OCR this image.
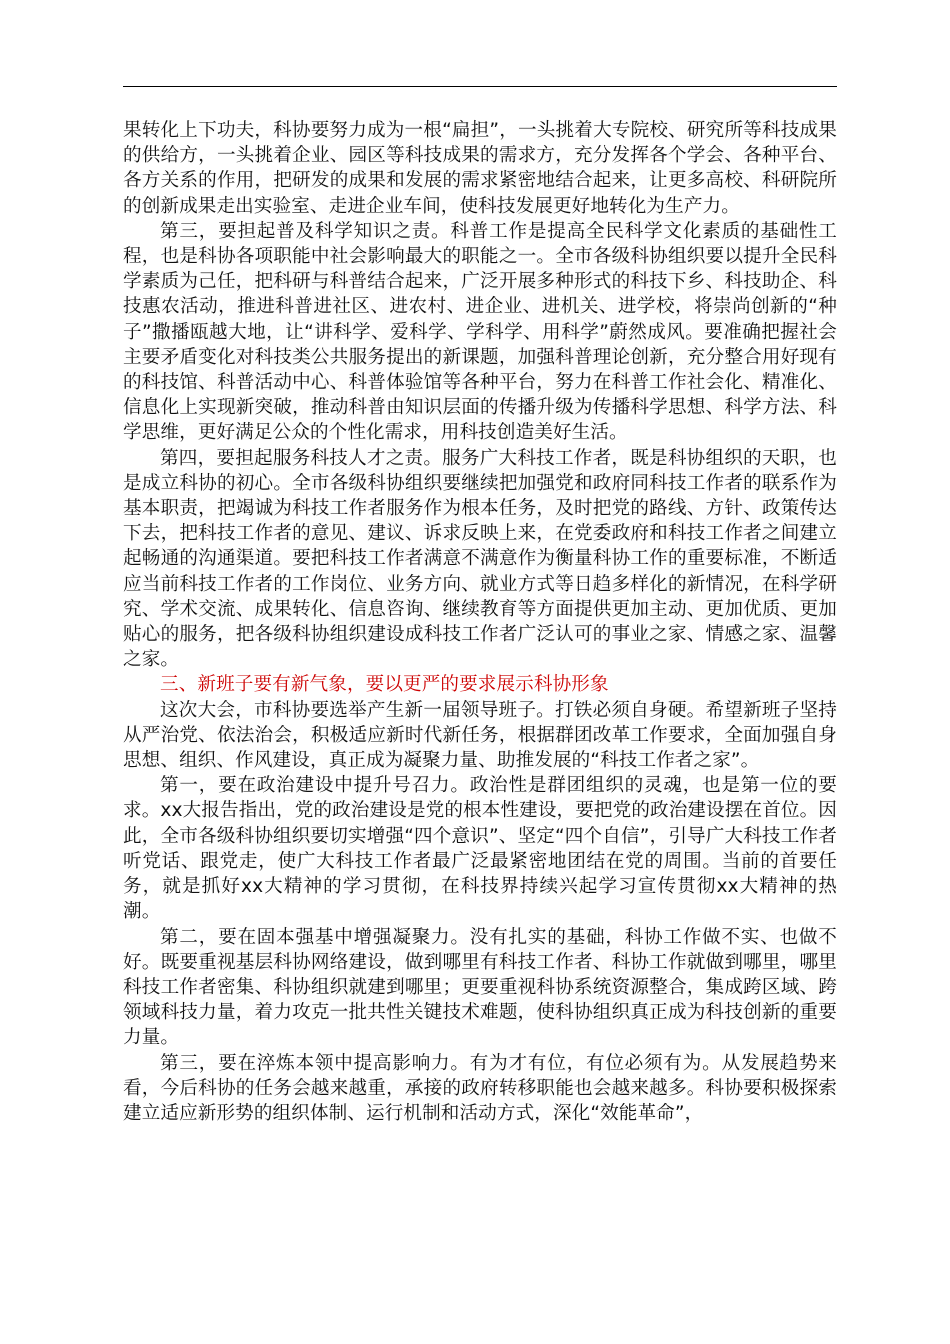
果转化上下功夫，科协要努力成为一根“扁担”，一头挑着大专院校、研究所等科技成果的供给方，一头挑着企业、园区等科技成果的需求方，充分发挥各个学会、各种平台、各方关系的作用，把研发的成果和发展的需求紧密地结合起来，让更多高校、科研院所的创新成果走出实验室、走进企业车间，使科技发展更好地转化为生产力。

第三，要担起普及科学知识之责。科普工作是提高全民科学文化素质的基础性工程，也是科协各项职能中社会影响最大的职能之一。全市各级科协组织要以提升全民科学素质为己任，把科研与科普结合起来，广泛开展多种形式的科技下乡、科技助企、科技惠农活动，推进科普进社区、进农村、进企业、进机关、进学校，将崇尚创新的“种子”撒播瓯越大地，让“讲科学、爱科学、学科学、用科学”蔚然成风。要准确把握社会主要矛盾变化对科技类公共服务提出的新课题，加强科普理论创新，充分整合用好现有的科技馆、科普活动中心、科普体验馆等各种平台，努力在科普工作社会化、精准化、信息化上实现新突破，推动科普由知识层面的传播升级为传播科学思想、科学方法、科学思维，更好满足公众的个性化需求，用科技创造美好生活。

第四，要担起服务科技人才之责。服务广大科技工作者，既是科协组织的天职，也是成立科协的初心。全市各级科协组织要继续把加强党和政府同科技工作者的联系作为基本职责，把竭诚为科技工作者服务作为根本任务，及时把党的路线、方针、政策传达下去，把科技工作者的意见、建议、诉求反映上来，在党委政府和科技工作者之间建立起畅通的沟通渠道。要把科技工作者满意不满意作为衡量科协工作的重要标准，不断适应当前科技工作者的工作岗位、业务方向、就业方式等日趋多样化的新情况，在科学研究、学术交流、成果转化、信息咨询、继续教育等方面提供更加主动、更加优质、更加贴心的服务，把各级科协组织建设成科技工作者广泛认可的事业之家、情感之家、温馨之家。

三、新班子要有新气象，要以更严的要求展示科协形象

这次大会，市科协要选举产生新一届领导班子。打铁必须自身硬。希望新班子坚持从严治党、依法治会，积极适应新时代新任务，根据群团改革工作要求，全面加强自身思想、组织、作风建设，真正成为凝聚力量、助推发展的“科技工作者之家”。

第一，要在政治建设中提升号召力。政治性是群团组织的灵魂，也是第一位的要求。xx大报告指出，党的政治建设是党的根本性建设，要把党的政治建设摆在首位。因此，全市各级科协组织要切实增强“四个意识”、坚定“四个自信”，引导广大科技工作者听党话、跟党走，使广大科技工作者最广泛最紧密地团结在党的周围。当前的首要任务，就是抓好xx大精神的学习贯彻，在科技界持续兴起学习宣传贯彻xx大精神的热潮。

第二，要在固本强基中增强凝聚力。没有扎实的基础，科协工作做不实、也做不好。既要重视基层科协网络建设，做到哪里有科技工作者、科协工作就做到哪里，哪里科技工作者密集、科协组织就建到哪里；更要重视科协系统资源整合，集成跨区域、跨领域科技力量，着力攻克一批共性关键技术难题，使科协组织真正成为科技创新的重要力量。

第三，要在淬炼本领中提高影响力。有为才有位，有位必须有为。从发展趋势来看，今后科协的任务会越来越重，承接的政府转移职能也会越来越多。科协要积极探索建立适应新形势的组织体制、运行机制和活动方式，深化“效能革命”，
